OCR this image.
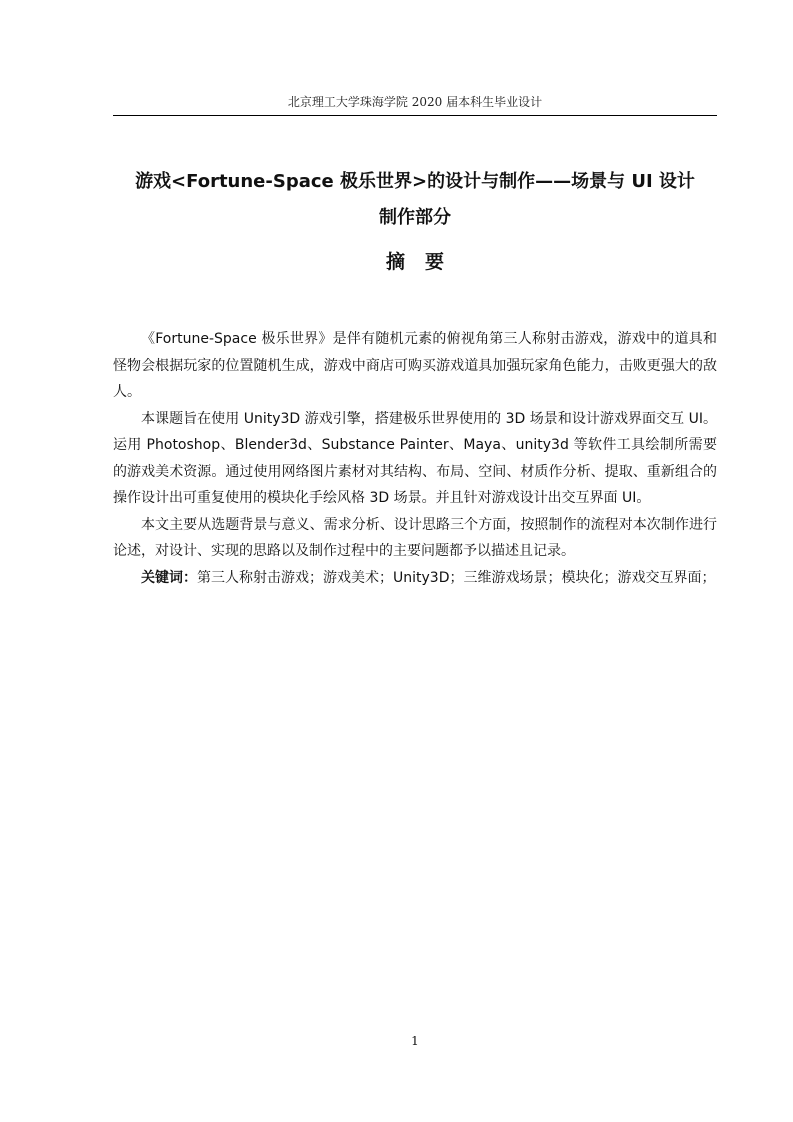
北京理工大学珠海学院 2020 届本科生毕业设计
游戏<Fortune-Space 极乐世界>的设计与制作——场景与 UI 设计
制作部分
摘要

《Fortune-Space 极乐世界》是伴有随机元素的俯视角第三人称射击游戏，游戏中的道具和怪物会根据玩家的位置随机生成，游戏中商店可购买游戏道具加强玩家角色能力，击败更强大的敌人。

本课题旨在使用 Unity3D 游戏引擎，搭建极乐世界使用的 3D 场景和设计游戏界面交互 UI。运用 Photoshop、Blender3d、Substance Painter、Maya、unity3d 等软件工具绘制所需要的游戏美术资源。通过使用网络图片素材对其结构、布局、空间、材质作分析、提取、重新组合的操作设计出可重复使用的模块化手绘风格 3D 场景。并且针对游戏设计出交互界面 UI。

本文主要从选题背景与意义、需求分析、设计思路三个方面，按照制作的流程对本次制作进行论述，对设计、实现的思路以及制作过程中的主要问题都予以描述且记录。

关键词：第三人称射击游戏；游戏美术；Unity3D；三维游戏场景；模块化；游戏交互界面；

1
